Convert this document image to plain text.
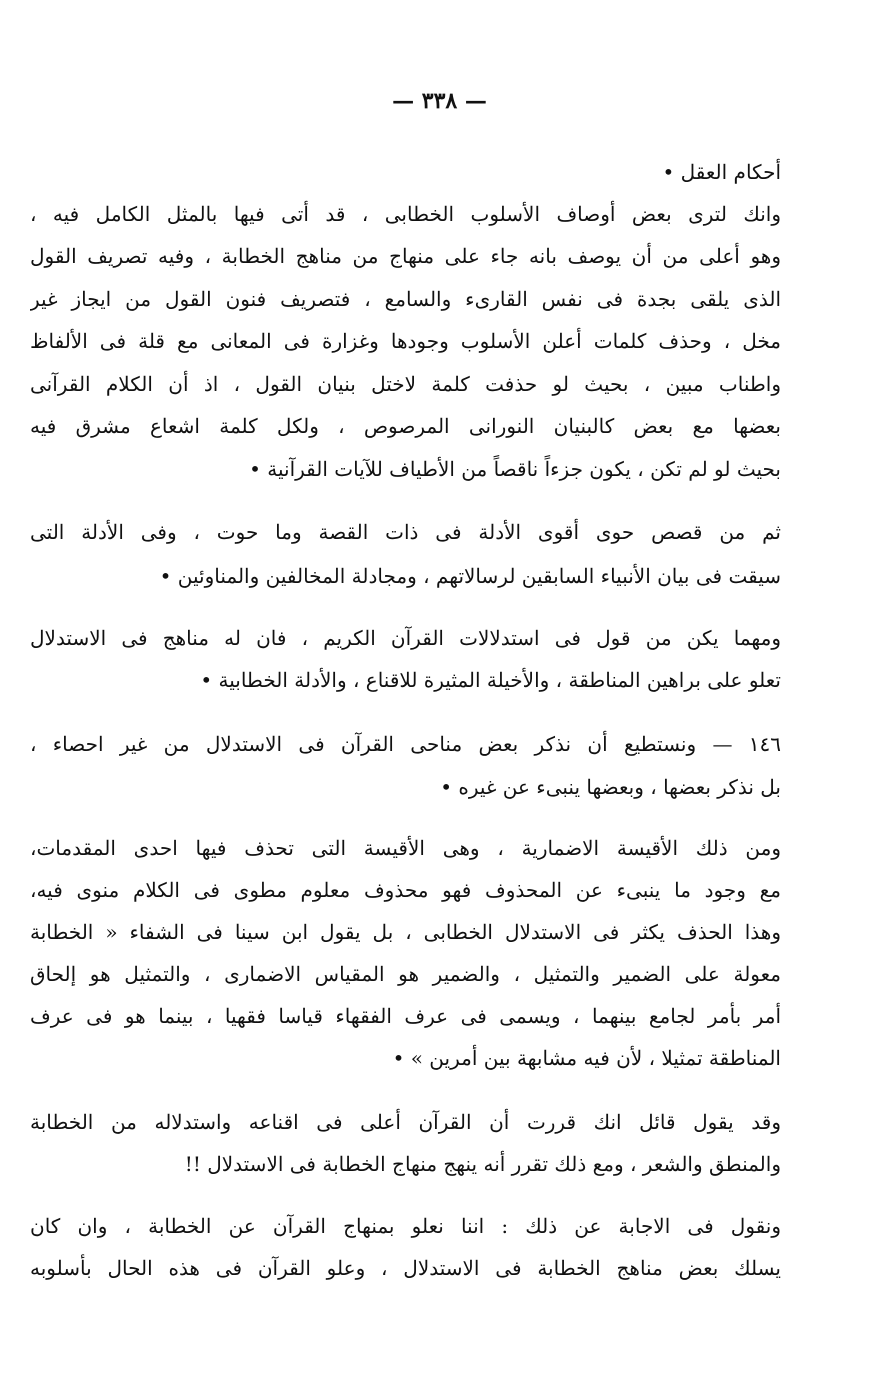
— ٣٣٨ —
أحكام العقل •
وانك لترى بعض أوصاف الأسلوب الخطابى ، قد أتى فيها بالمثل الكامل فيه ،
وهو أعلى من أن يوصف بانه جاء على منهاج من مناهج الخطابة ، وفيه تصريف القول
الذى يلقى بجدة فى نفس القارىء والسامع ، فتصريف فنون القول من ايجاز غير
مخل ، وحذف كلمات أعلن الأسلوب وجودها وغزارة فى المعانى مع قلة فى الألفاظ
واطناب مبين ، بحيث لو حذفت كلمة لاختل بنيان القول ، اذ أن الكلام القرآنى
بعضها مع بعض كالبنيان النورانى المرصوص ، ولكل كلمة اشعاع مشرق فيه
بحيث لو لم تكن ، يكون جزءاً ناقصاً من الأطياف للآيات القرآنية •
ثم من قصص حوى أقوى الأدلة فى ذات القصة وما حوت ، وفى الأدلة التى
سيقت فى بيان الأنبياء السابقين لرسالاتهم ، ومجادلة المخالفين والمناوئين •
ومهما يكن من قول فى استدلالات القرآن الكريم ، فان له مناهج فى الاستدلال
تعلو على براهين المناطقة ، والأخيلة المثيرة للاقناع ، والأدلة الخطابية •
١٤٦ — ونستطيع أن نذكر بعض مناحى القرآن فى الاستدلال من غير احصاء ،
بل نذكر بعضها ، وبعضها ينبىء عن غيره •
ومن ذلك الأقيسة الاضمارية ، وهى الأقيسة التى تحذف فيها احدى المقدمات،
مع وجود ما ينبىء عن المحذوف فهو محذوف معلوم مطوى فى الكلام منوى فيه،
وهذا الحذف يكثر فى الاستدلال الخطابى ، بل يقول ابن سينا فى الشفاء « الخطابة
معولة على الضمير والتمثيل ، والضمير هو المقياس الاضمارى ، والتمثيل هو إلحاق
أمر بأمر لجامع بينهما ، ويسمى فى عرف الفقهاء قياسا فقهيا ، بينما هو فى عرف
المناطقة تمثيلا ، لأن فيه مشابهة بين أمرين » •
وقد يقول قائل انك قررت أن القرآن أعلى فى اقناعه واستدلاله من الخطابة
والمنطق والشعر ، ومع ذلك تقرر أنه ينهج منهاج الخطابة فى الاستدلال !!
ونقول فى الاجابة عن ذلك : اننا نعلو بمنهاج القرآن عن الخطابة ، وان كان
يسلك بعض مناهج الخطابة فى الاستدلال ، وعلو القرآن فى هذه الحال بأسلوبه
